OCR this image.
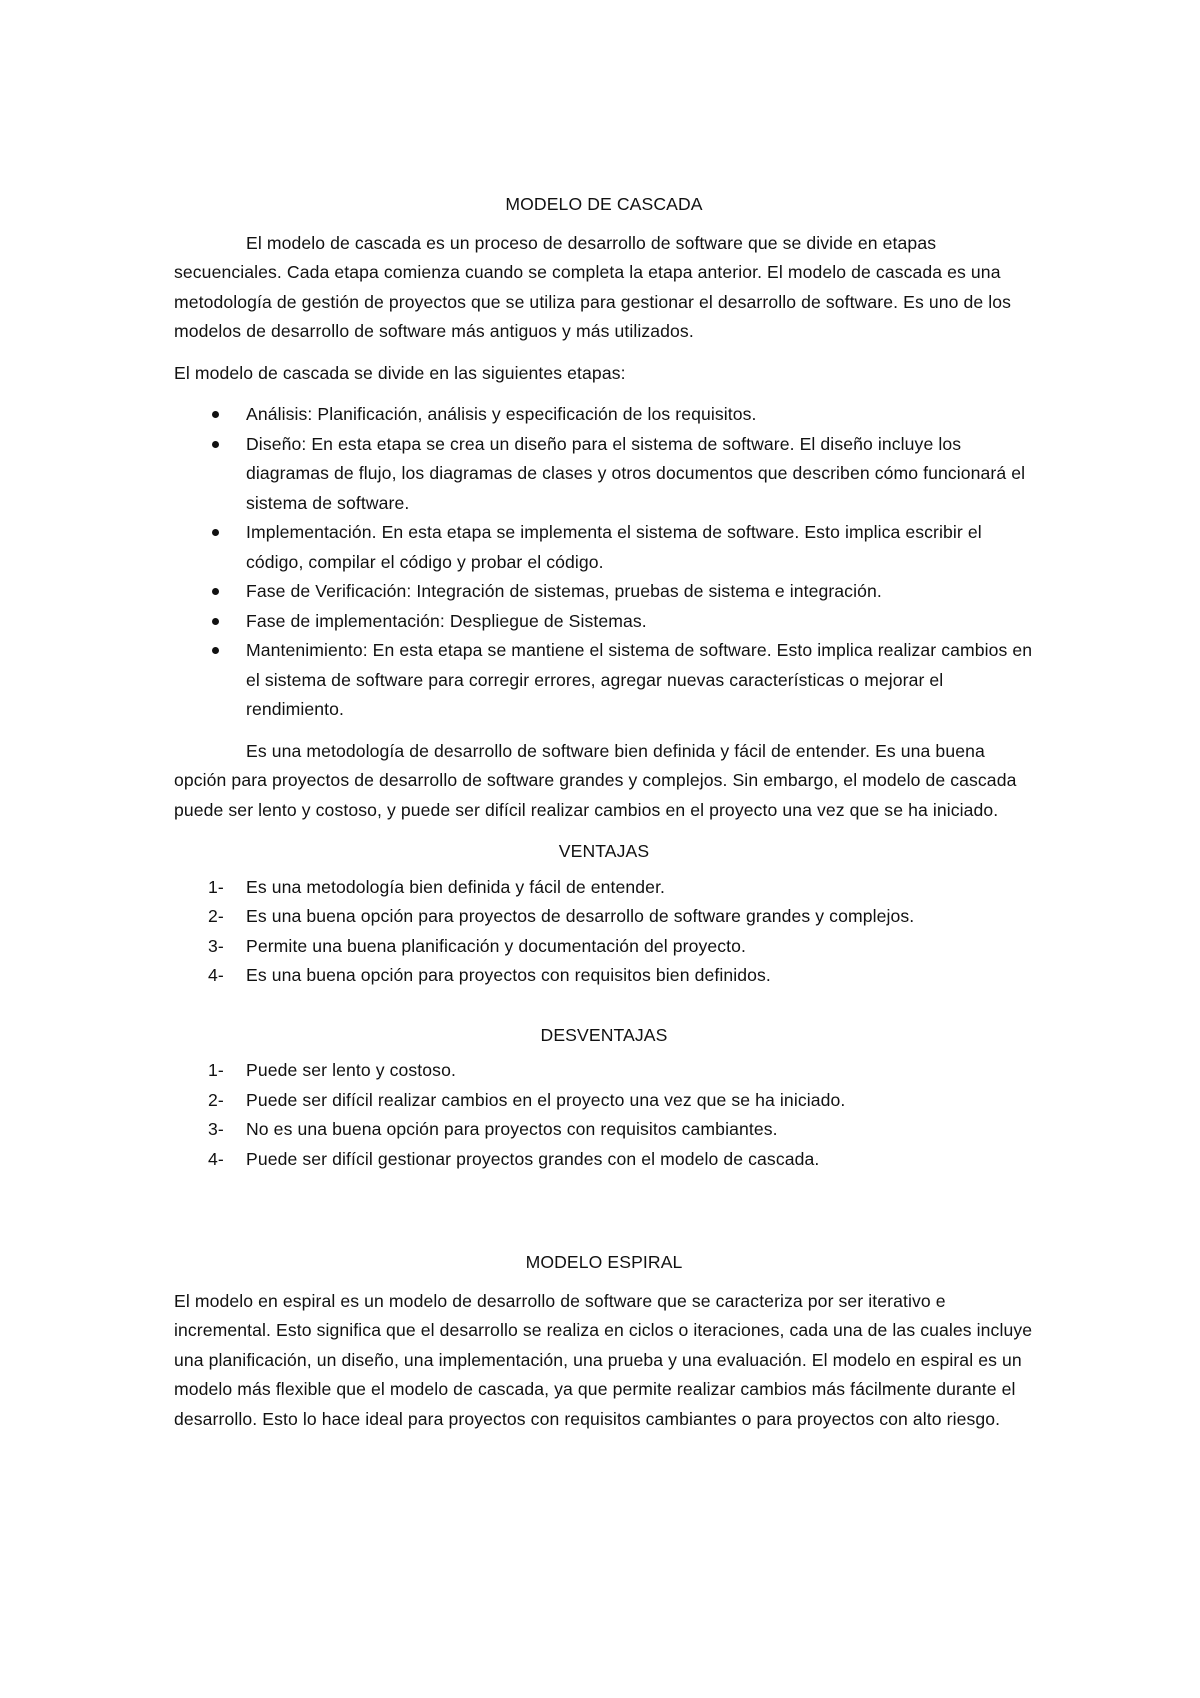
MODELO DE CASCADA

El modelo de cascada es un proceso de desarrollo de software que se divide en etapas secuenciales. Cada etapa comienza cuando se completa la etapa anterior. El modelo de cascada es una metodología de gestión de proyectos que se utiliza para gestionar el desarrollo de software. Es uno de los modelos de desarrollo de software más antiguos y más utilizados.

El modelo de cascada se divide en las siguientes etapas:

Análisis: Planificación, análisis y especificación de los requisitos.
Diseño: En esta etapa se crea un diseño para el sistema de software. El diseño incluye los diagramas de flujo, los diagramas de clases y otros documentos que describen cómo funcionará el sistema de software.
Implementación. En esta etapa se implementa el sistema de software. Esto implica escribir el código, compilar el código y probar el código.
Fase de Verificación: Integración de sistemas, pruebas de sistema e integración.
Fase de implementación: Despliegue de Sistemas.
Mantenimiento: En esta etapa se mantiene el sistema de software. Esto implica realizar cambios en el sistema de software para corregir errores, agregar nuevas características o mejorar el rendimiento.

Es una metodología de desarrollo de software bien definida y fácil de entender. Es una buena opción para proyectos de desarrollo de software grandes y complejos. Sin embargo, el modelo de cascada puede ser lento y costoso, y puede ser difícil realizar cambios en el proyecto una vez que se ha iniciado.

VENTAJAS
1- Es una metodología bien definida y fácil de entender.
2- Es una buena opción para proyectos de desarrollo de software grandes y complejos.
3- Permite una buena planificación y documentación del proyecto.
4- Es una buena opción para proyectos con requisitos bien definidos.
DESVENTAJAS
1- Puede ser lento y costoso.
2- Puede ser difícil realizar cambios en el proyecto una vez que se ha iniciado.
3- No es una buena opción para proyectos con requisitos cambiantes.
4- Puede ser difícil gestionar proyectos grandes con el modelo de cascada.
MODELO ESPIRAL

El modelo en espiral es un modelo de desarrollo de software que se caracteriza por ser iterativo e incremental. Esto significa que el desarrollo se realiza en ciclos o iteraciones, cada una de las cuales incluye una planificación, un diseño, una implementación, una prueba y una evaluación. El modelo en espiral es un modelo más flexible que el modelo de cascada, ya que permite realizar cambios más fácilmente durante el desarrollo. Esto lo hace ideal para proyectos con requisitos cambiantes o para proyectos con alto riesgo.
